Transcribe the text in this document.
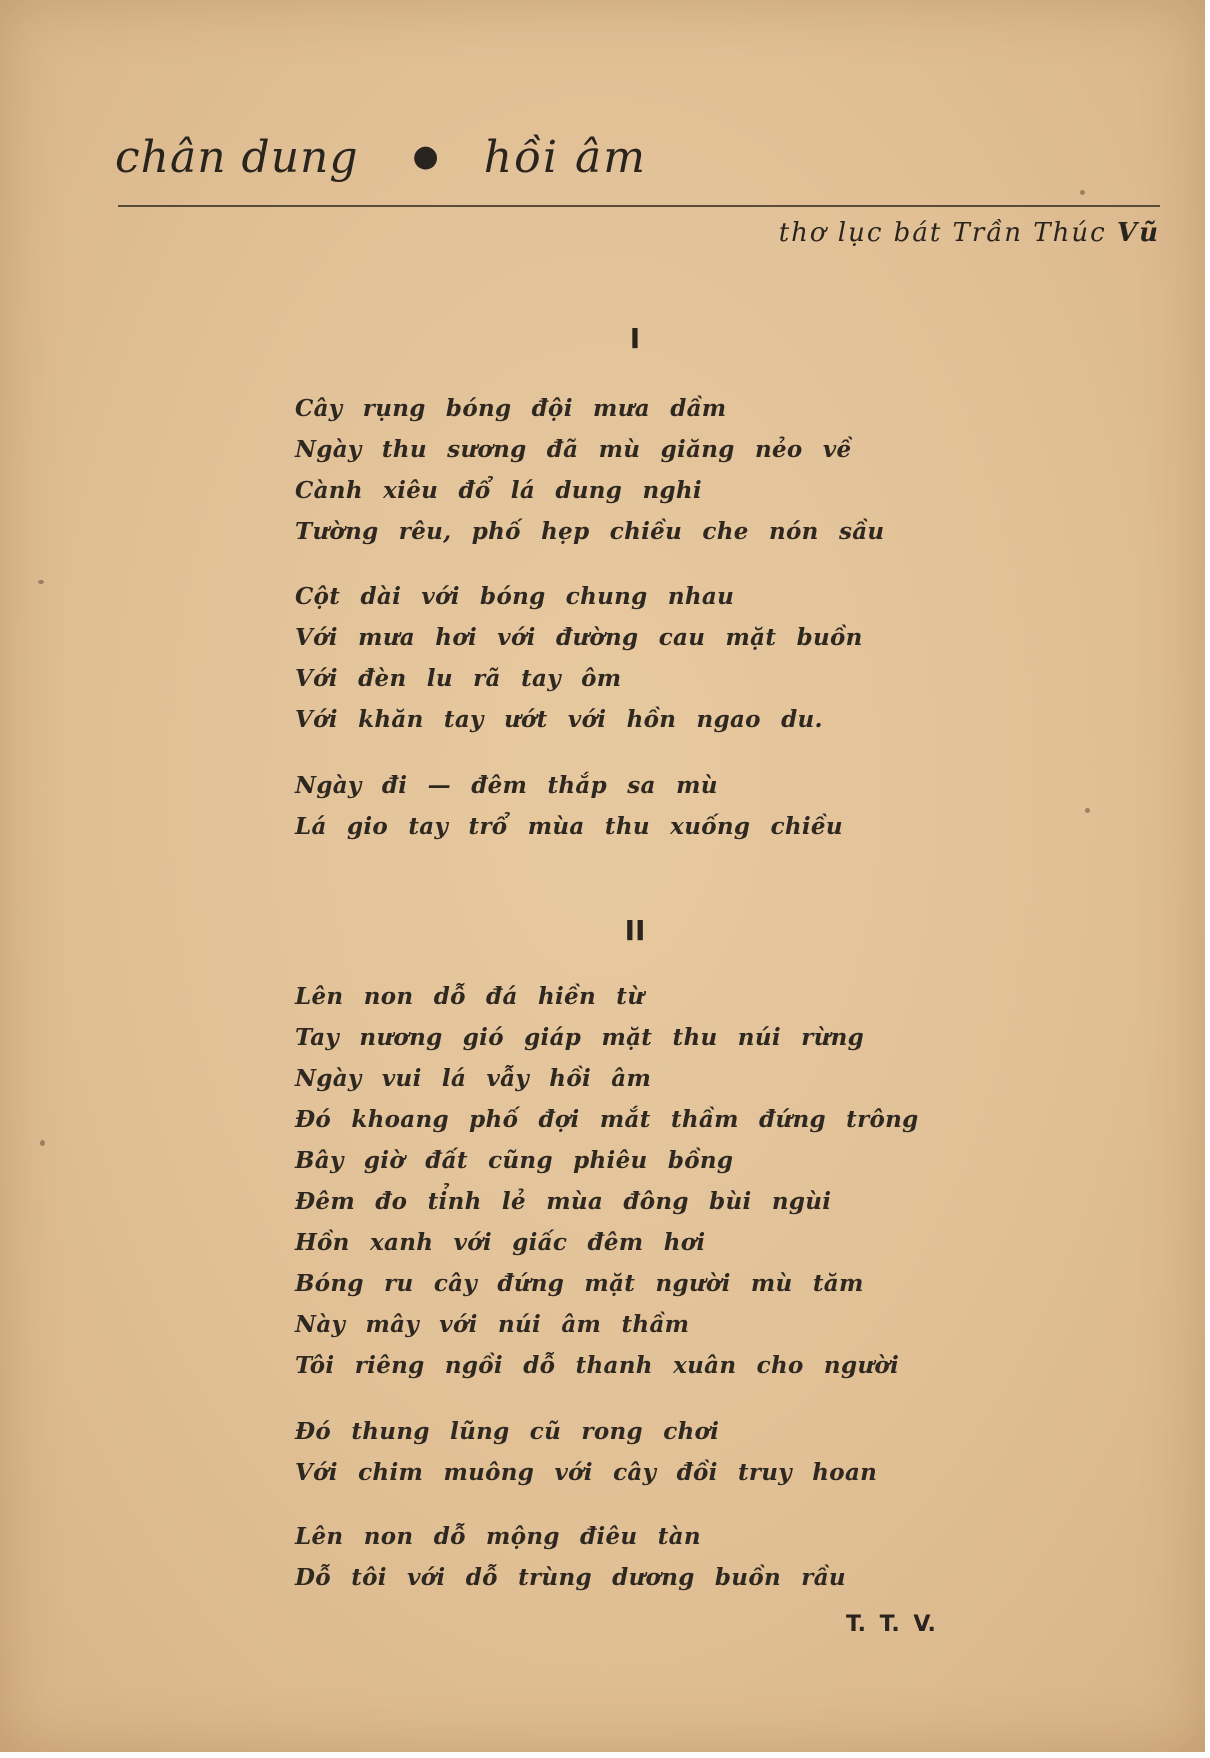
chân dung ● hồi âm

thơ lục bát Trần Thúc Vũ

I

Cây rụng bóng đội mưa dầm
Ngày thu sương đã mù giăng nẻo về
Cành xiêu đổ lá dung nghi
Tường rêu, phố hẹp chiều che nón sầu
Cột dài với bóng chung nhau
Với mưa hơi với đường cau mặt buồn
Với đèn lu rã tay ôm
Với khăn tay ướt với hồn ngao du.
Ngày đi — đêm thắp sa mù
Lá gio tay trổ mùa thu xuống chiều

II

Lên non dỗ đá hiền từ
Tay nương gió giáp mặt thu núi rừng
Ngày vui lá vẫy hồi âm
Đó khoang phố đợi mắt thầm đứng trông
Bây giờ đất cũng phiêu bồng
Đêm đo tỉnh lẻ mùa đông bùi ngùi
Hồn xanh với giấc đêm hơi
Bóng ru cây đứng mặt người mù tăm
Này mây với núi âm thầm
Tôi riêng ngồi dỗ thanh xuân cho người
Đó thung lũng cũ rong chơi
Với chim muông với cây đồi truy hoan
Lên non dỗ mộng điêu tàn
Dỗ tôi với dỗ trùng dương buồn rầu

T. T. V.
